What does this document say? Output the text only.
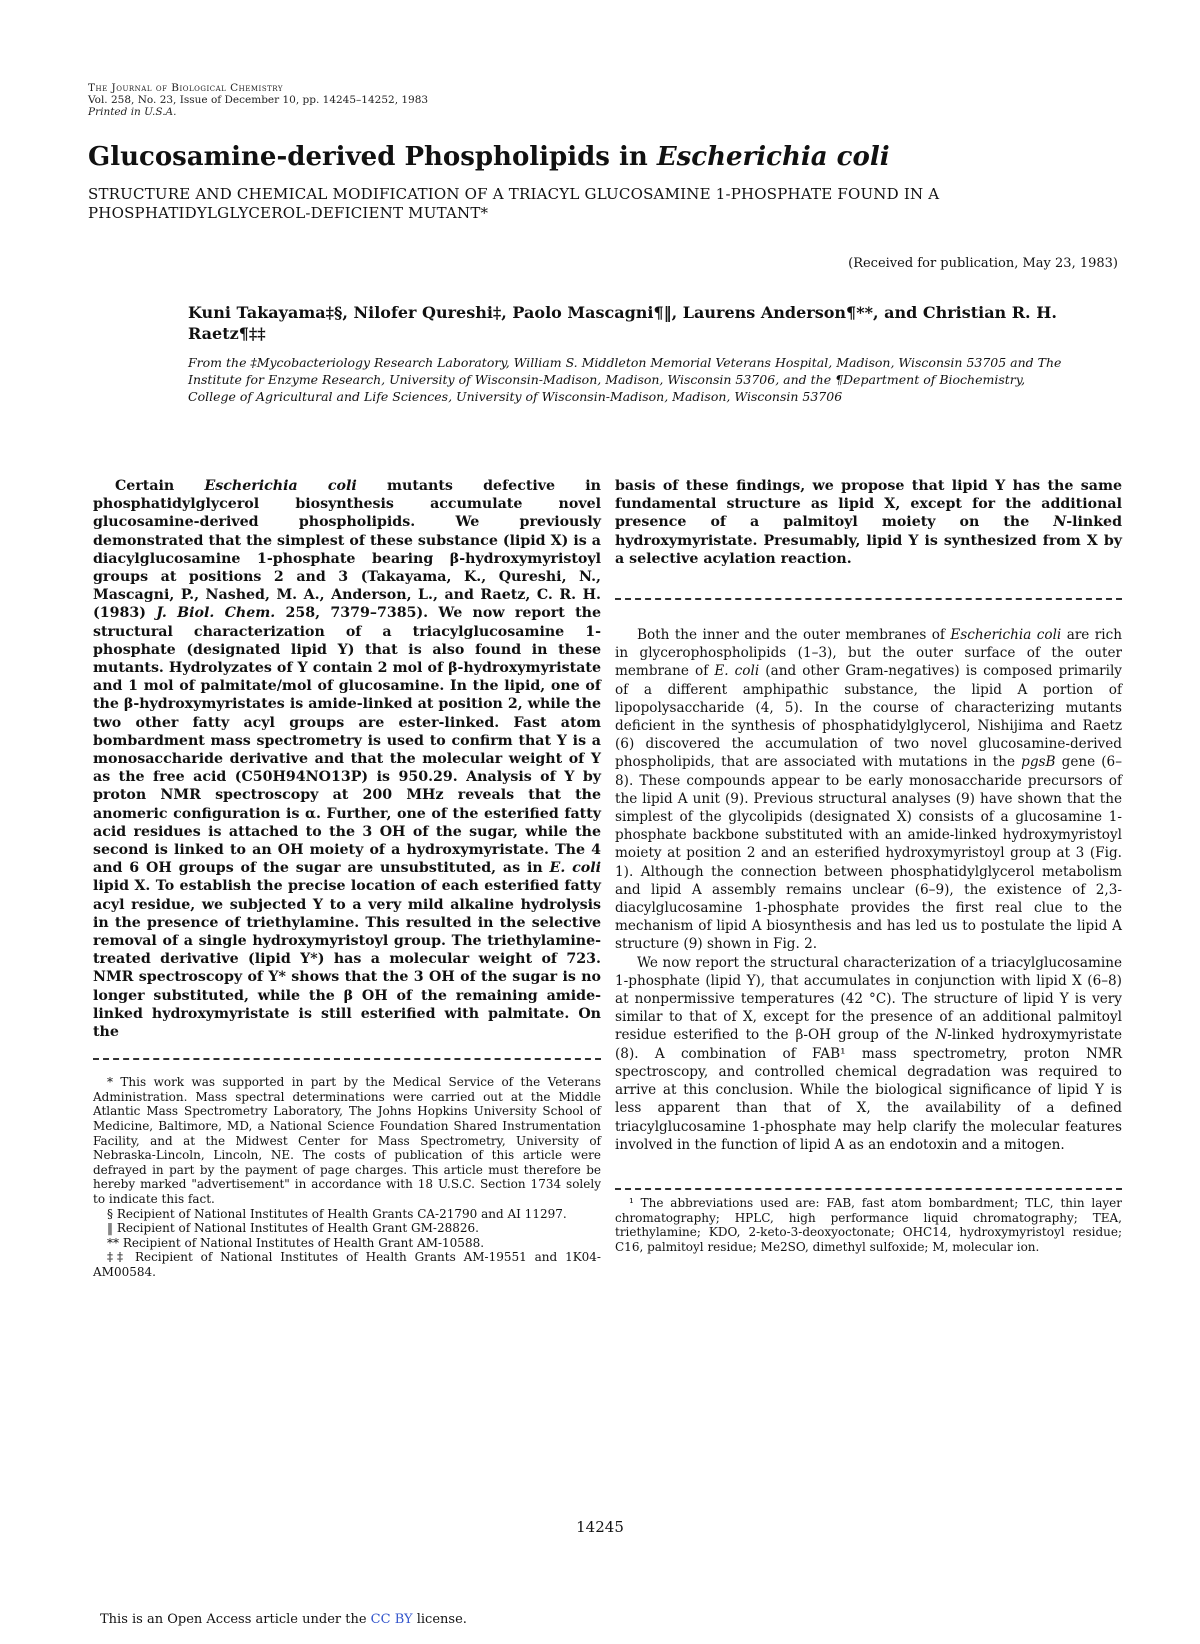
The Journal of Biological Chemistry
Vol. 258, No. 23, Issue of December 10, pp. 14245–14252, 1983
Printed in U.S.A.
Glucosamine-derived Phospholipids in Escherichia coli
STRUCTURE AND CHEMICAL MODIFICATION OF A TRIACYL GLUCOSAMINE 1-PHOSPHATE FOUND IN A PHOSPHATIDYLGLYCEROL-DEFICIENT MUTANT*
(Received for publication, May 23, 1983)
Kuni Takayama‡§, Nilofer Qureshi‡, Paolo Mascagni¶‖, Laurens Anderson¶**, and Christian R. H. Raetz¶‡‡
From the ‡Mycobacteriology Research Laboratory, William S. Middleton Memorial Veterans Hospital, Madison, Wisconsin 53705 and The Institute for Enzyme Research, University of Wisconsin-Madison, Madison, Wisconsin 53706, and the ¶Department of Biochemistry, College of Agricultural and Life Sciences, University of Wisconsin-Madison, Madison, Wisconsin 53706

Certain Escherichia coli mutants defective in phosphatidylglycerol biosynthesis accumulate novel glucosamine-derived phospholipids. We previously demonstrated that the simplest of these substance (lipid X) is a diacylglucosamine 1-phosphate bearing β-hydroxymyristoyl groups at positions 2 and 3 (Takayama, K., Qureshi, N., Mascagni, P., Nashed, M. A., Anderson, L., and Raetz, C. R. H. (1983) J. Biol. Chem. 258, 7379–7385). We now report the structural characterization of a triacylglucosamine 1-phosphate (designated lipid Y) that is also found in these mutants. Hydrolyzates of Y contain 2 mol of β-hydroxymyristate and 1 mol of palmitate/mol of glucosamine. In the lipid, one of the β-hydroxymyristates is amide-linked at position 2, while the two other fatty acyl groups are ester-linked. Fast atom bombardment mass spectrometry is used to confirm that Y is a monosaccharide derivative and that the molecular weight of Y as the free acid (C50H94NO13P) is 950.29. Analysis of Y by proton NMR spectroscopy at 200 MHz reveals that the anomeric configuration is α. Further, one of the esterified fatty acid residues is attached to the 3 OH of the sugar, while the second is linked to an OH moiety of a hydroxymyristate. The 4 and 6 OH groups of the sugar are unsubstituted, as in E. coli lipid X. To establish the precise location of each esterified fatty acyl residue, we subjected Y to a very mild alkaline hydrolysis in the presence of triethylamine. This resulted in the selective removal of a single hydroxymyristoyl group. The triethylamine-treated derivative (lipid Y*) has a molecular weight of 723. NMR spectroscopy of Y* shows that the 3 OH of the sugar is no longer substituted, while the β OH of the remaining amide-linked hydroxymyristate is still esterified with palmitate. On the

* This work was supported in part by the Medical Service of the Veterans Administration. Mass spectral determinations were carried out at the Middle Atlantic Mass Spectrometry Laboratory, The Johns Hopkins University School of Medicine, Baltimore, MD, a National Science Foundation Shared Instrumentation Facility, and at the Midwest Center for Mass Spectrometry, University of Nebraska-Lincoln, Lincoln, NE. The costs of publication of this article were defrayed in part by the payment of page charges. This article must therefore be hereby marked "advertisement" in accordance with 18 U.S.C. Section 1734 solely to indicate this fact.

§ Recipient of National Institutes of Health Grants CA-21790 and AI 11297.

‖ Recipient of National Institutes of Health Grant GM-28826.

** Recipient of National Institutes of Health Grant AM-10588.

‡‡ Recipient of National Institutes of Health Grants AM-19551 and 1K04-AM00584.

basis of these findings, we propose that lipid Y has the same fundamental structure as lipid X, except for the additional presence of a palmitoyl moiety on the N-linked hydroxymyristate. Presumably, lipid Y is synthesized from X by a selective acylation reaction.

Both the inner and the outer membranes of Escherichia coli are rich in glycerophospholipids (1–3), but the outer surface of the outer membrane of E. coli (and other Gram-negatives) is composed primarily of a different amphipathic substance, the lipid A portion of lipopolysaccharide (4, 5). In the course of characterizing mutants deficient in the synthesis of phosphatidylglycerol, Nishijima and Raetz (6) discovered the accumulation of two novel glucosamine-derived phospholipids, that are associated with mutations in the pgsB gene (6–8). These compounds appear to be early monosaccharide precursors of the lipid A unit (9). Previous structural analyses (9) have shown that the simplest of the glycolipids (designated X) consists of a glucosamine 1-phosphate backbone substituted with an amide-linked hydroxymyristoyl moiety at position 2 and an esterified hydroxymyristoyl group at 3 (Fig. 1). Although the connection between phosphatidylglycerol metabolism and lipid A assembly remains unclear (6–9), the existence of 2,3-diacylglucosamine 1-phosphate provides the first real clue to the mechanism of lipid A biosynthesis and has led us to postulate the lipid A structure (9) shown in Fig. 2.

We now report the structural characterization of a triacylglucosamine 1-phosphate (lipid Y), that accumulates in conjunction with lipid X (6–8) at nonpermissive temperatures (42 °C). The structure of lipid Y is very similar to that of X, except for the presence of an additional palmitoyl residue esterified to the β-OH group of the N-linked hydroxymyristate (8). A combination of FAB¹ mass spectrometry, proton NMR spectroscopy, and controlled chemical degradation was required to arrive at this conclusion. While the biological significance of lipid Y is less apparent than that of X, the availability of a defined triacylglucosamine 1-phosphate may help clarify the molecular features involved in the function of lipid A as an endotoxin and a mitogen.

¹ The abbreviations used are: FAB, fast atom bombardment; TLC, thin layer chromatography; HPLC, high performance liquid chromatography; TEA, triethylamine; KDO, 2-keto-3-deoxyoctonate; OHC14, hydroxymyristoyl residue; C16, palmitoyl residue; Me2SO, dimethyl sulfoxide; M, molecular ion.

14245
This is an Open Access article under the CC BY license.
